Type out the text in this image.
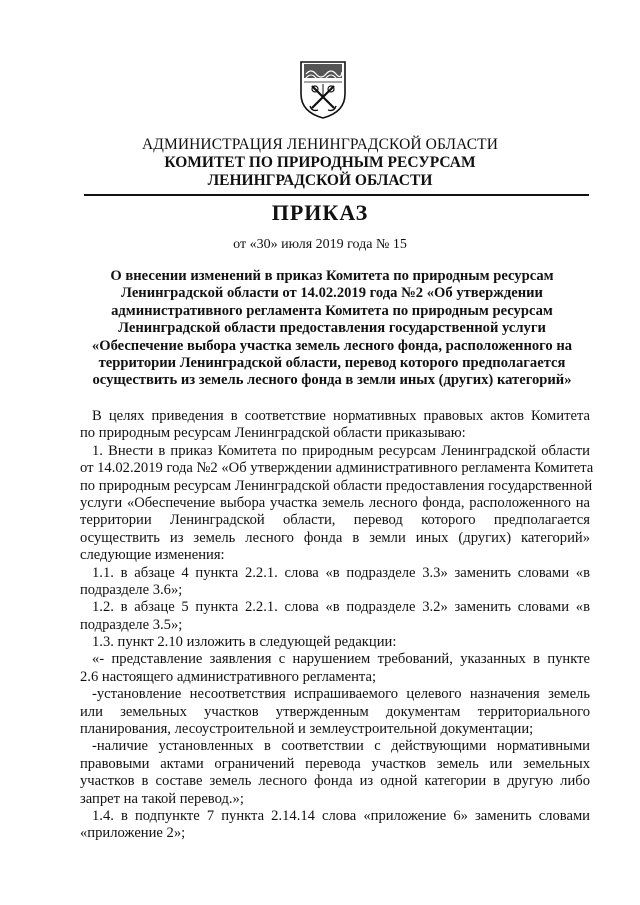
АДМИНИСТРАЦИЯ ЛЕНИНГРАДСКОЙ ОБЛАСТИ
КОМИТЕТ ПО ПРИРОДНЫМ РЕСУРСАМ
ЛЕНИНГРАДСКОЙ ОБЛАСТИ
ПРИКАЗ
от «30» июля 2019 года № 15
О внесении изменений в приказ Комитета по природным ресурсам
Ленинградской области от 14.02.2019 года №2 «Об утверждении
административного регламента Комитета по природным ресурсам
Ленинградской области предоставления государственной услуги
«Обеспечение выбора участка земель лесного фонда, расположенного на
территории Ленинградской области, перевод которого предполагается
осуществить из земель лесного фонда в земли иных (других) категорий»
В целях приведения в соответствие нормативных правовых актов Комитета
по природным ресурсам Ленинградской области приказываю:
1. Внести в приказ Комитета по природным ресурсам Ленинградской области
от 14.02.2019 года №2 «Об утверждении административного регламента Комитета
по природным ресурсам Ленинградской области предоставления государственной
услуги «Обеспечение выбора участка земель лесного фонда, расположенного на
территории Ленинградской области, перевод которого предполагается
осуществить из земель лесного фонда в земли иных (других) категорий»
следующие изменения:
1.1. в абзаце 4 пункта 2.2.1. слова «в подразделе 3.3» заменить словами «в
подразделе 3.6»;
1.2. в абзаце 5 пункта 2.2.1. слова «в подразделе 3.2» заменить словами «в
подразделе 3.5»;
1.3. пункт 2.10 изложить в следующей редакции:
«- представление заявления с нарушением требований, указанных в пункте
2.6 настоящего административного регламента;
-установление несоответствия испрашиваемого целевого назначения земель
или земельных участков утвержденным документам территориального
планирования, лесоустроительной и землеустроительной документации;
-наличие установленных в соответствии с действующими нормативными
правовыми актами ограничений перевода участков земель или земельных
участков в составе земель лесного фонда из одной категории в другую либо
запрет на такой перевод.»;
1.4. в подпункте 7 пункта 2.14.14 слова «приложение 6» заменить словами
«приложение 2»;
